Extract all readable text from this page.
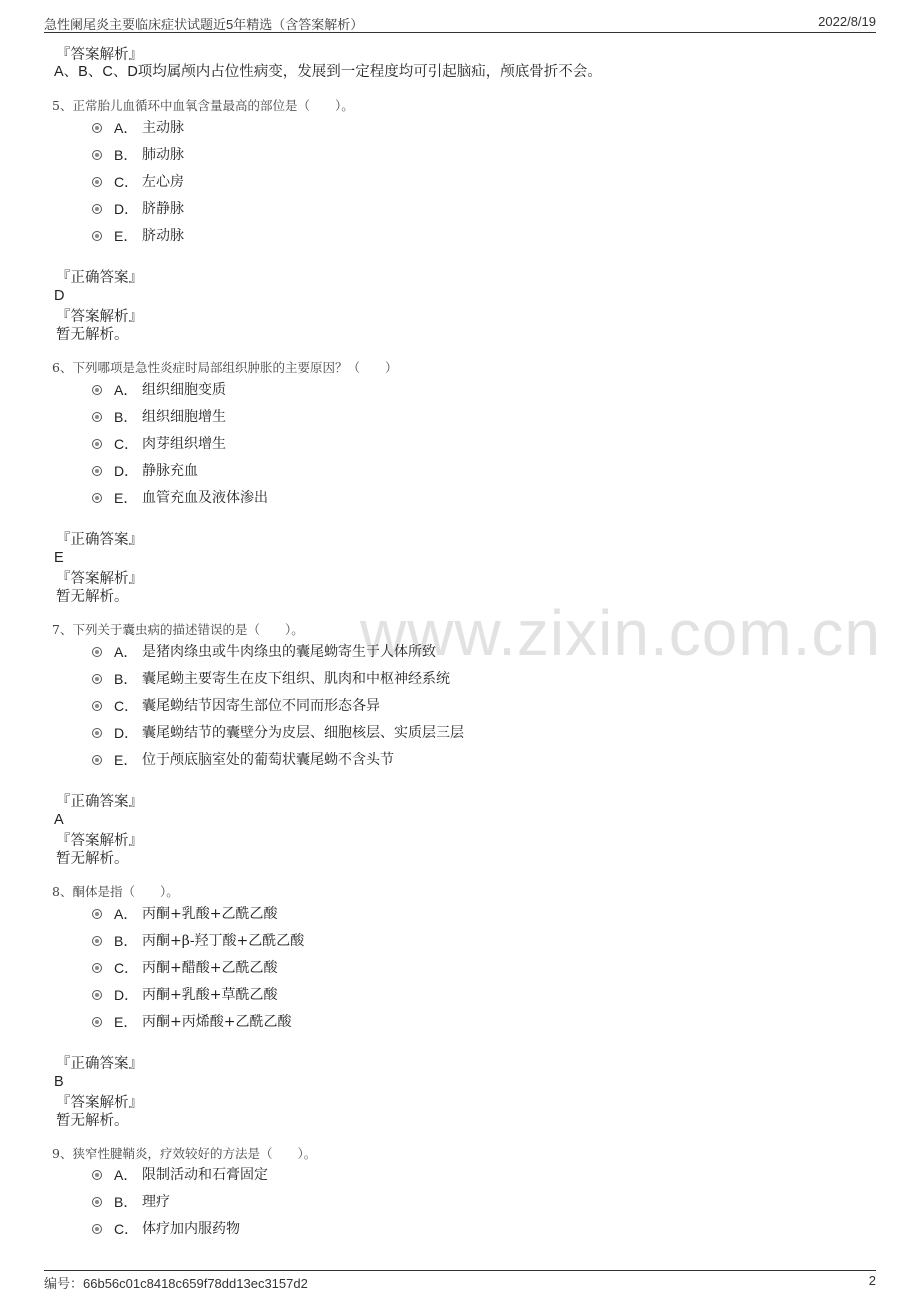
急性阑尾炎主要临床症状试题近5年精选（含答案解析）	2022/8/19
www.zixin.com.cn
『答案解析』
A、B、C、D项均属颅内占位性病变，发展到一定程度均可引起脑疝，颅底骨折不会。
5、正常胎儿血循环中血氧含量最高的部位是（　　）。
A． 主动脉
B． 肺动脉
C． 左心房
D． 脐静脉
E． 脐动脉
『正确答案』
D
『答案解析』
暂无解析。
6、下列哪项是急性炎症时局部组织肿胀的主要原因？（　　）
A． 组织细胞变质
B． 组织细胞增生
C． 肉芽组织增生
D． 静脉充血
E． 血管充血及液体渗出
『正确答案』
E
『答案解析』
暂无解析。
7、下列关于囊虫病的描述错误的是（　　）。
A． 是猪肉绦虫或牛肉绦虫的囊尾蚴寄生于人体所致
B． 囊尾蚴主要寄生在皮下组织、肌肉和中枢神经系统
C． 囊尾蚴结节因寄生部位不同而形态各异
D． 囊尾蚴结节的囊壁分为皮层、细胞核层、实质层三层
E． 位于颅底脑室处的葡萄状囊尾蚴不含头节
『正确答案』
A
『答案解析』
暂无解析。
8、酮体是指（　　）。
A． 丙酮+乳酸+乙酰乙酸
B． 丙酮+β-羟丁酸+乙酰乙酸
C． 丙酮+醋酸+乙酰乙酸
D． 丙酮+乳酸+草酰乙酸
E． 丙酮+丙烯酸+乙酰乙酸
『正确答案』
B
『答案解析』
暂无解析。
9、狭窄性腱鞘炎，疗效较好的方法是（　　）。
A． 限制活动和石膏固定
B． 理疗
C． 体疗加内服药物
编号：66b56c01c8418c659f78dd13ec3157d2	2
